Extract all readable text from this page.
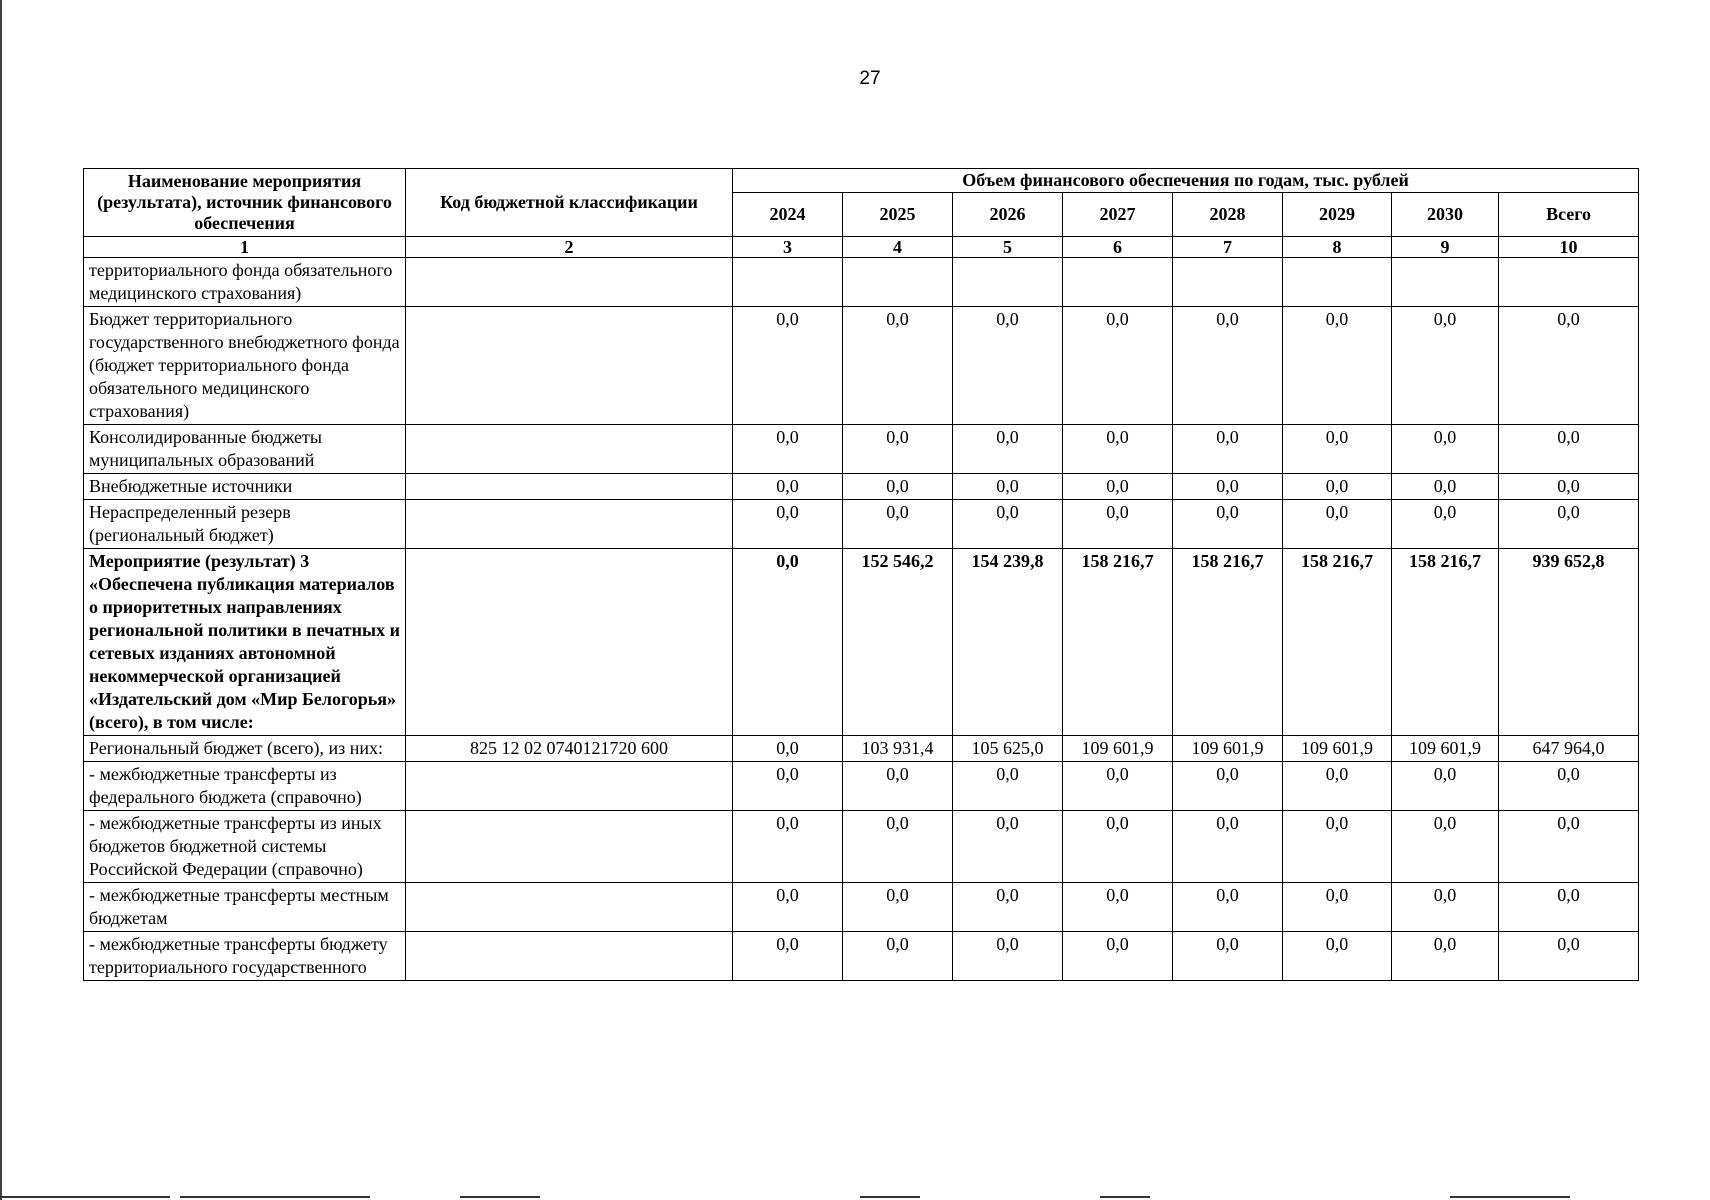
27
Наименование мероприятия (результата), источник финансового обеспечения	Код бюджетной классификации	Объем финансового обеспечения по годам, тыс. рублей							
		2024	2025	2026	2027	2028	2029	2030	Всего
1	2	3	4	5	6	7	8	9	10
территориального фонда обязательного медицинского страхования)									
Бюджет территориального государственного внебюджетного фонда (бюджет территориального фонда обязательного медицинского страхования)		0,0	0,0	0,0	0,0	0,0	0,0	0,0	0,0
Консолидированные бюджеты муниципальных образований		0,0	0,0	0,0	0,0	0,0	0,0	0,0	0,0
Внебюджетные источники		0,0	0,0	0,0	0,0	0,0	0,0	0,0	0,0
Нераспределенный резерв (региональный бюджет)		0,0	0,0	0,0	0,0	0,0	0,0	0,0	0,0
Мероприятие (результат) 3 «Обеспечена публикация материалов о приоритетных направлениях региональной политики в печатных и сетевых изданиях автономной некоммерческой организацией «Издательский дом «Мир Белогорья» (всего), в том числе:		0,0	152 546,2	154 239,8	158 216,7	158 216,7	158 216,7	158 216,7	939 652,8
Региональный бюджет (всего), из них:	825 12 02 0740121720 600	0,0	103 931,4	105 625,0	109 601,9	109 601,9	109 601,9	109 601,9	647 964,0
- межбюджетные трансферты из федерального бюджета (справочно)		0,0	0,0	0,0	0,0	0,0	0,0	0,0	0,0
- межбюджетные трансферты из иных бюджетов бюджетной системы Российской Федерации (справочно)		0,0	0,0	0,0	0,0	0,0	0,0	0,0	0,0
- межбюджетные трансферты местным бюджетам		0,0	0,0	0,0	0,0	0,0	0,0	0,0	0,0
- межбюджетные трансферты бюджету территориального государственного		0,0	0,0	0,0	0,0	0,0	0,0	0,0	0,0
